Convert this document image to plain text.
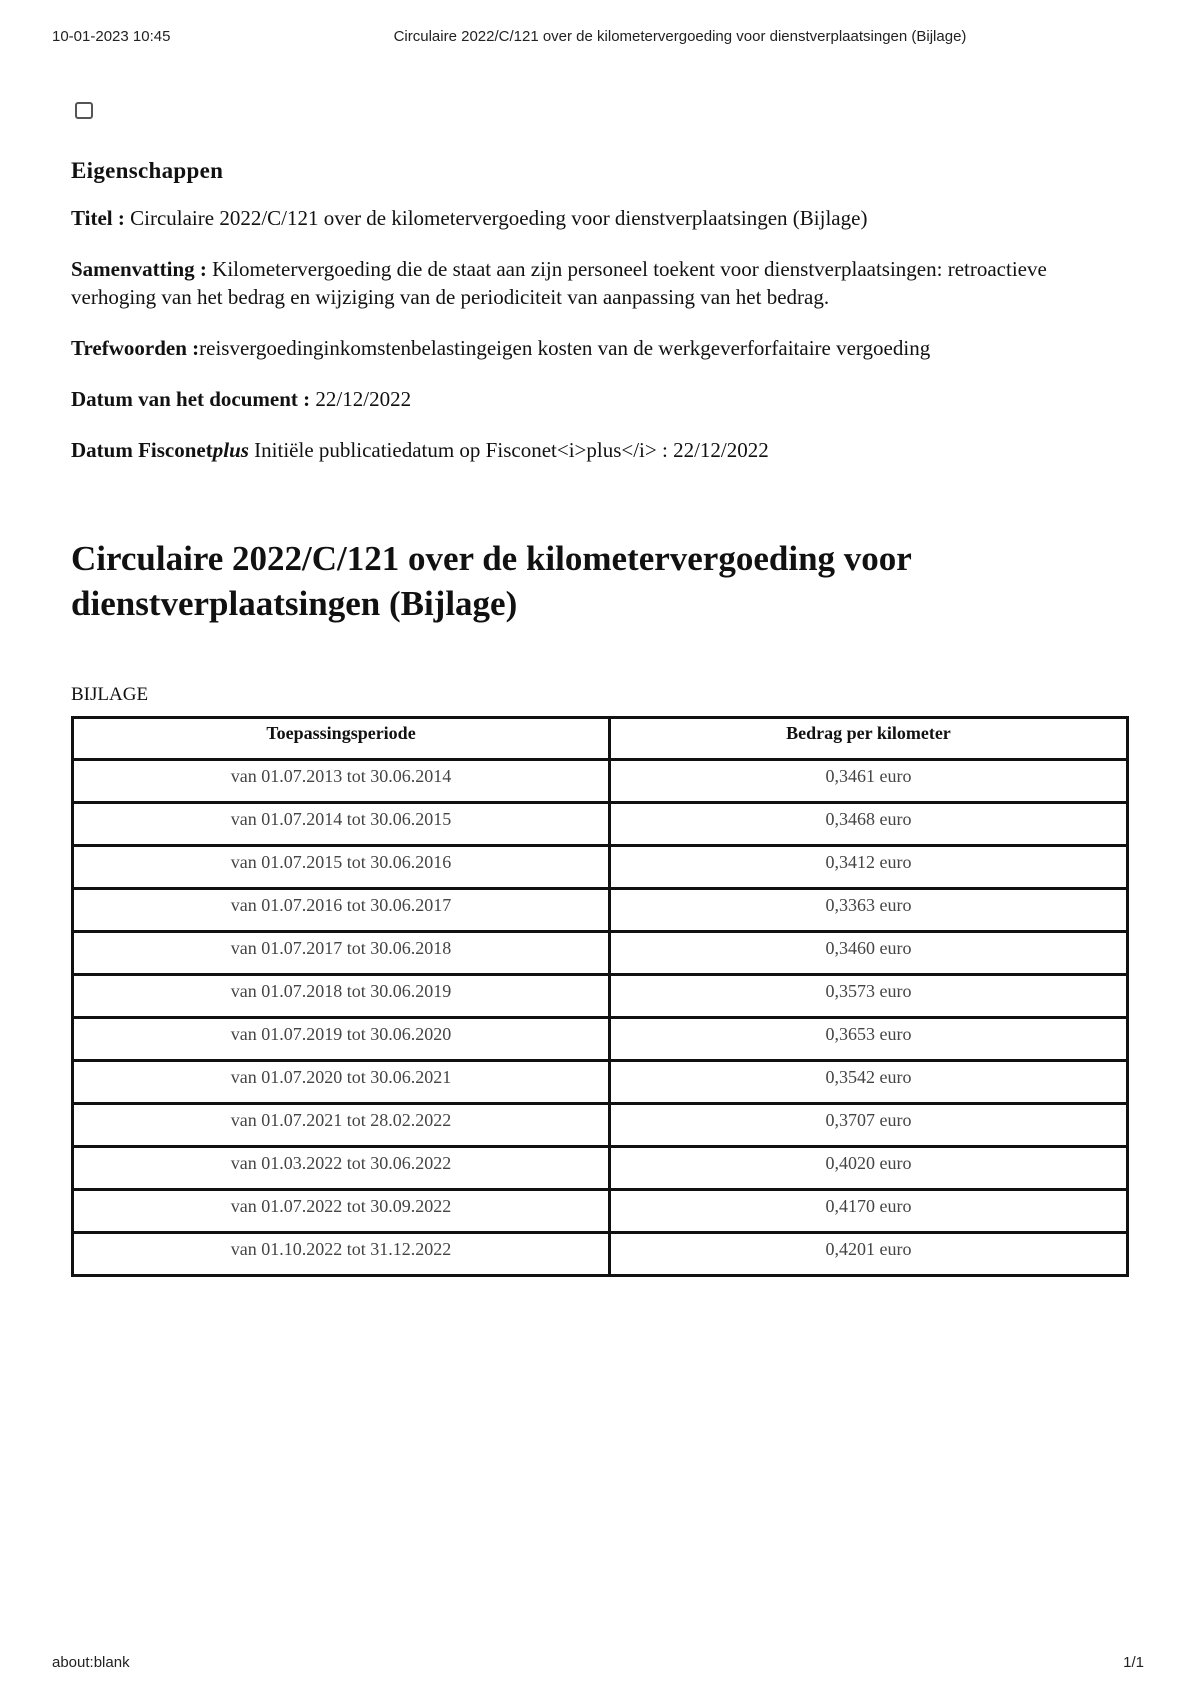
10-01-2023 10:45	Circulaire 2022/C/121 over de kilometervergoeding voor dienstverplaatsingen (Bijlage)
Eigenschappen

Titel : Circulaire 2022/C/121 over de kilometervergoeding voor dienstverplaatsingen (Bijlage)

Samenvatting : Kilometervergoeding die de staat aan zijn personeel toekent voor dienstverplaatsingen: retroactieve verhoging van het bedrag en wijziging van de periodiciteit van aanpassing van het bedrag.

Trefwoorden :reisvergoedinginkomstenbelastingeigen kosten van de werkgeverforfaitaire vergoeding

Datum van het document : 22/12/2022

Datum Fisconetplus Initiële publicatiedatum op Fisconet<i>plus</i> : 22/12/2022

Circulaire 2022/C/121 over de kilometervergoeding voor dienstverplaatsingen (Bijlage)
BIJLAGE
Toepassingsperiode	Bedrag per kilometer
van 01.07.2013 tot 30.06.2014	0,3461 euro
van 01.07.2014 tot 30.06.2015	0,3468 euro
van 01.07.2015 tot 30.06.2016	0,3412 euro
van 01.07.2016 tot 30.06.2017	0,3363 euro
van 01.07.2017 tot 30.06.2018	0,3460 euro
van 01.07.2018 tot 30.06.2019	0,3573 euro
van 01.07.2019 tot 30.06.2020	0,3653 euro
van 01.07.2020 tot 30.06.2021	0,3542 euro
van 01.07.2021 tot 28.02.2022	0,3707 euro
van 01.03.2022 tot 30.06.2022	0,4020 euro
van 01.07.2022 tot 30.09.2022	0,4170 euro
van 01.10.2022 tot 31.12.2022	0,4201 euro
about:blank	1/1
